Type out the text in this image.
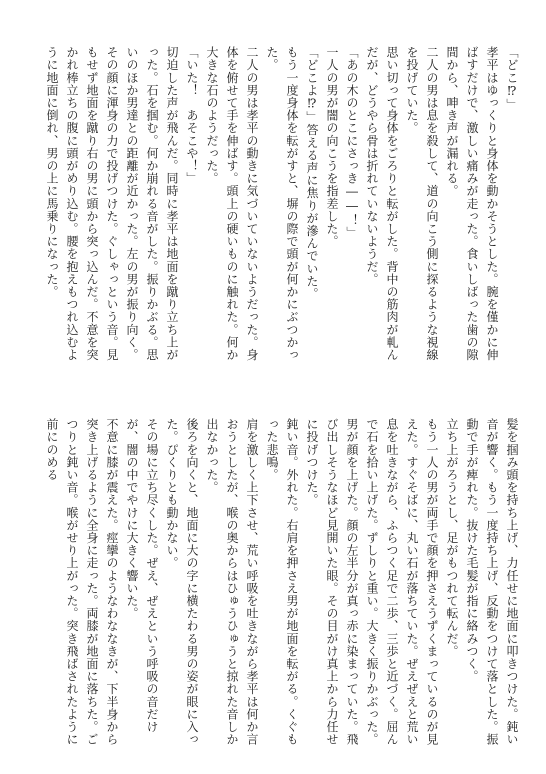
「どこ⁉」

孝平はゆっくりと身体を動かそうとした。腕を僅かに伸ばすだけで、激しい痛みが走った。食いしばった歯の隙間から、呻き声が漏れる。

二人の男は息を殺して、道の向こう側に探るような視線を投げていた。

思い切って身体をごろりと転がした。背中の筋肉が軋んだが、どうやら骨は折れていないようだ。

「あの木のとこにさっき――！」

一人の男が闇の向こうを指差した。

「どこよ⁉」答える声に焦りが滲んでいた。

もう一度身体を転がすと、塀の際で頭が何かにぶつかった。

二人の男は孝平の動きに気づいていないようだった。身体を俯せて手を伸ばす。頭上の硬いものに触れた。何か大きな石のようだった。

「いた！　あそこや！」

切迫した声が飛んだ。同時に孝平は地面を蹴り立ち上がった。石を掴む。何か崩れる音がした。振りかぶる。思いのほか男達との距離が近かった。左の男が振り向く。その顔に渾身の力で投げつけた。ぐしゃっという音。見もせず地面を蹴り右の男に頭から突っ込んだ。不意を突かれ棒立ちの腹に頭がめり込む。腰を抱えもつれ込むように地面に倒れ、男の上に馬乗りになった。

髪を掴み頭を持ち上げ、力任せに地面に叩きつけた。鈍い音が響く。もう一度持ち上げ、反動をつけて落とした。振動で手が痺れた。抜けた毛髪が指に絡みつく。

立ち上がろうとし、足がもつれて転んだ。

もう一人の男が両手で顔を押さえうずくまっているのが見えた。すぐそばに、丸い石が落ちていた。ぜえぜえと荒い息を吐きながら、ふらつく足で二歩、三歩と近づく。屈んで石を拾い上げた。ずしりと重い。大きく振りかぶった。男が顔を上げた。顔の左半分が真っ赤に染まっていた。飛び出しそうなほど見開いた眼。その目がけ真上から力任せに投げつけた。

鈍い音。外れた。右肩を押さえ男が地面を転がる。くぐもった悲鳴。

肩を激しく上下させ、荒い呼吸を吐きながら孝平は何か言おうとしたが、喉の奥からはひゅうひゅうと掠れた音しか出なかった。

後ろを向くと、地面に大の字に横たわる男の姿が眼に入った。ぴくりとも動かない。

その場に立ち尽くした。ぜえ、ぜえという呼吸の音だけが、闇の中でやけに大きく響いた。

不意に膝が震えた。痙攣のようなわななきが、下半身から突き上げるように全身に走った。両膝が地面に落ちた。ごつりと鈍い音。喉がせり上がった。突き飛ばされたように前にのめる
